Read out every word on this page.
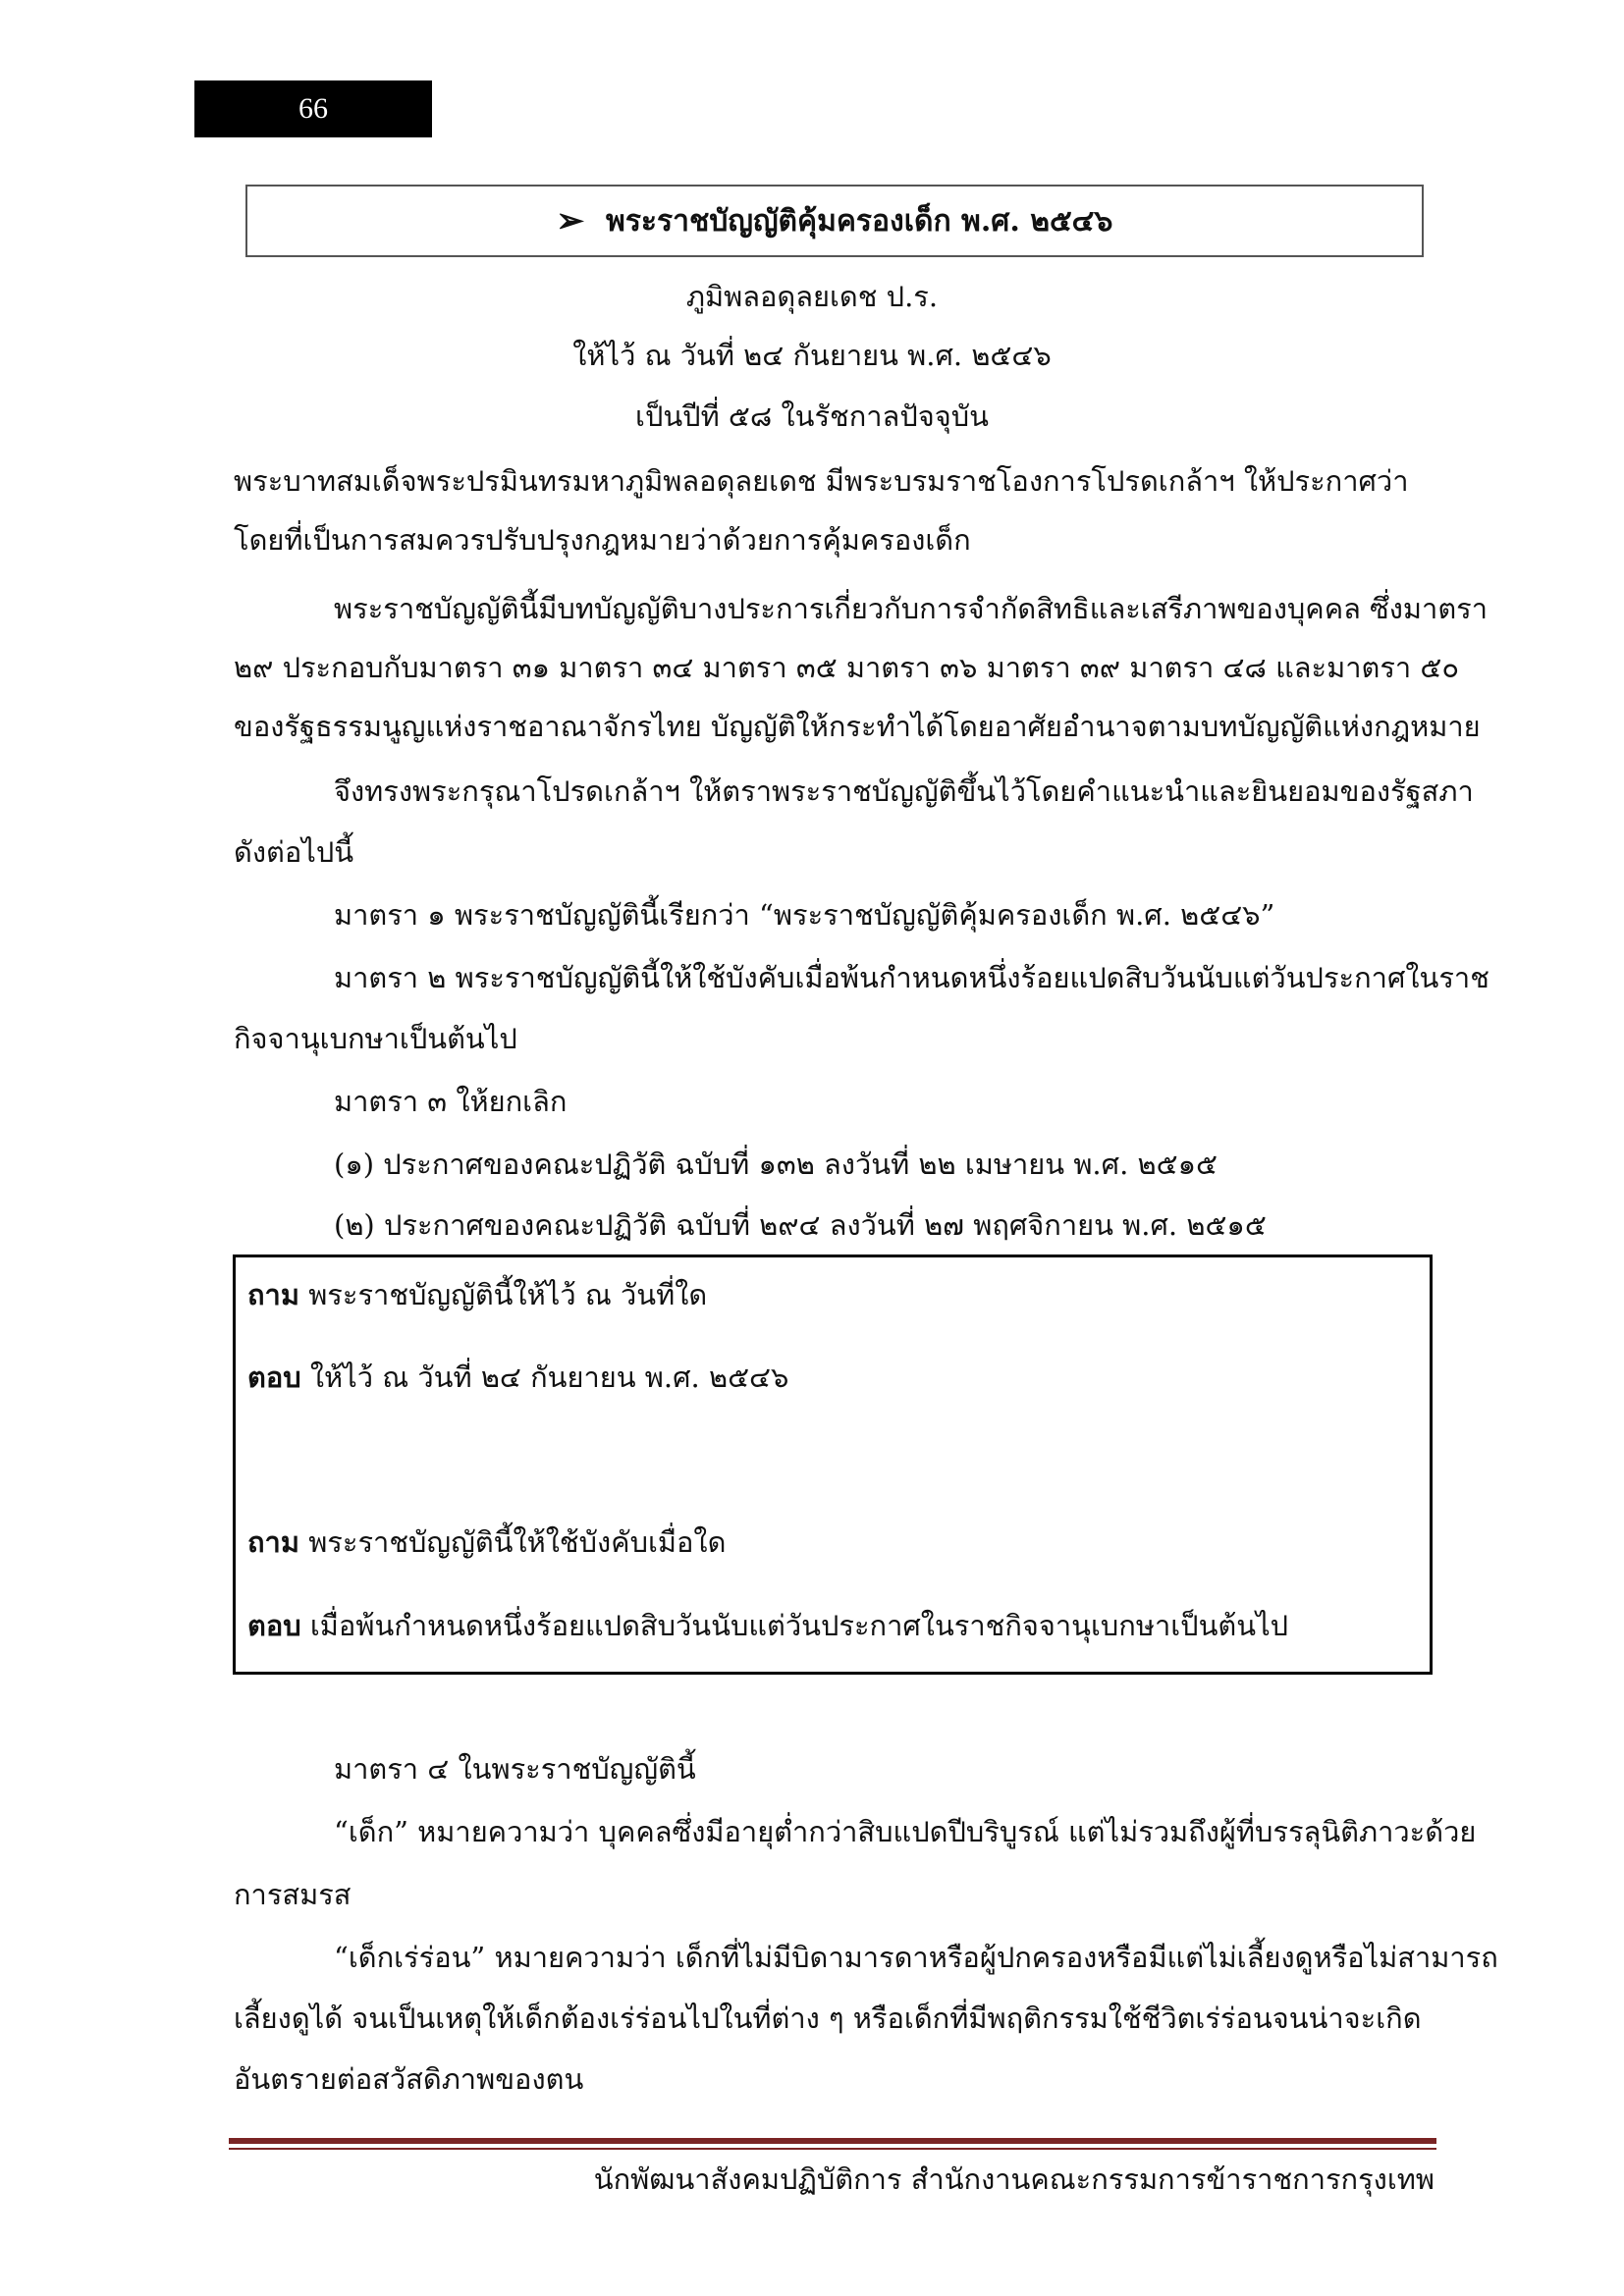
66
➢ พระราชบัญญัติคุ้มครองเด็ก พ.ศ. ๒๕๔๖
ภูมิพลอดุลยเดช ป.ร.
ให้ไว้ ณ วันที่ ๒๔ กันยายน พ.ศ. ๒๕๔๖
เป็นปีที่ ๕๘ ในรัชกาลปัจจุบัน
พระบาทสมเด็จพระปรมินทรมหาภูมิพลอดุลยเดช มีพระบรมราชโองการโปรดเกล้าฯ ให้ประกาศว่า
โดยที่เป็นการสมควรปรับปรุงกฎหมายว่าด้วยการคุ้มครองเด็ก
พระราชบัญญัตินี้มีบทบัญญัติบางประการเกี่ยวกับการจำกัดสิทธิและเสรีภาพของบุคคล ซึ่งมาตรา
๒๙ ประกอบกับมาตรา ๓๑ มาตรา ๓๔ มาตรา ๓๕ มาตรา ๓๖ มาตรา ๓๙ มาตรา ๔๘ และมาตรา ๕๐
ของรัฐธรรมนูญแห่งราชอาณาจักรไทย บัญญัติให้กระทำได้โดยอาศัยอำนาจตามบทบัญญัติแห่งกฎหมาย
จึงทรงพระกรุณาโปรดเกล้าฯ ให้ตราพระราชบัญญัติขึ้นไว้โดยคำแนะนำและยินยอมของรัฐสภา
ดังต่อไปนี้
มาตรา ๑ พระราชบัญญัตินี้เรียกว่า “พระราชบัญญัติคุ้มครองเด็ก พ.ศ. ๒๕๔๖”
มาตรา ๒ พระราชบัญญัตินี้ให้ใช้บังคับเมื่อพ้นกำหนดหนึ่งร้อยแปดสิบวันนับแต่วันประกาศในราช
กิจจานุเบกษาเป็นต้นไป
มาตรา ๓ ให้ยกเลิก
(๑) ประกาศของคณะปฏิวัติ ฉบับที่ ๑๓๒ ลงวันที่ ๒๒ เมษายน พ.ศ. ๒๕๑๕
(๒) ประกาศของคณะปฏิวัติ ฉบับที่ ๒๙๔ ลงวันที่ ๒๗ พฤศจิกายน พ.ศ. ๒๕๑๕
ถาม พระราชบัญญัตินี้ให้ไว้ ณ วันที่ใด
ตอบ ให้ไว้ ณ วันที่ ๒๔ กันยายน พ.ศ. ๒๕๔๖
ถาม พระราชบัญญัตินี้ให้ใช้บังคับเมื่อใด
ตอบ เมื่อพ้นกำหนดหนึ่งร้อยแปดสิบวันนับแต่วันประกาศในราชกิจจานุเบกษาเป็นต้นไป
มาตรา ๔ ในพระราชบัญญัตินี้
“เด็ก” หมายความว่า บุคคลซึ่งมีอายุต่ำกว่าสิบแปดปีบริบูรณ์ แต่ไม่รวมถึงผู้ที่บรรลุนิติภาวะด้วย
การสมรส
“เด็กเร่ร่อน” หมายความว่า เด็กที่ไม่มีบิดามารดาหรือผู้ปกครองหรือมีแต่ไม่เลี้ยงดูหรือไม่สามารถ
เลี้ยงดูได้ จนเป็นเหตุให้เด็กต้องเร่ร่อนไปในที่ต่าง ๆ หรือเด็กที่มีพฤติกรรมใช้ชีวิตเร่ร่อนจนน่าจะเกิด
อันตรายต่อสวัสดิภาพของตน
นักพัฒนาสังคมปฏิบัติการ สำนักงานคณะกรรมการข้าราชการกรุงเทพ
